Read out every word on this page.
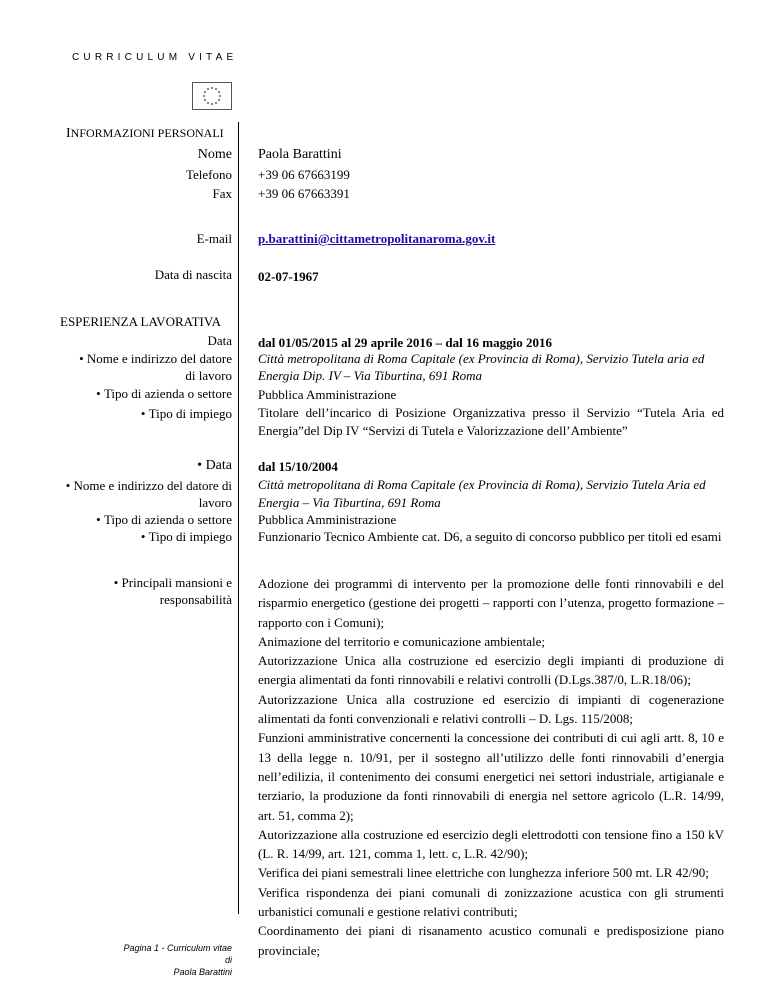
CURRICULUM VITAE
INFORMAZIONI PERSONALI
Nome Paola Barattini
Telefono +39 06 67663199
Fax +39 06 67663391
E-mail p.barattini@cittametropolitanaroma.gov.it
Data di nascita 02-07-1967
ESPERIENZA LAVORATIVA
Data
• Nome e indirizzo del datore
di lavoro
• Tipo di azienda o settore
• Tipo di impiego
dal 01/05/2015 al 29 aprile 2016 – dal 16 maggio 2016
Città metropolitana di Roma Capitale (ex Provincia di Roma), Servizio Tutela aria ed Energia Dip. IV – Via Tiburtina, 691 Roma
Pubblica Amministrazione
Titolare dell’incarico di Posizione Organizzativa presso il Servizio “Tutela Aria ed Energia”del Dip IV “Servizi di Tutela e Valorizzazione dell’Ambiente”
• Data
• Nome e indirizzo del datore di
lavoro
• Tipo di azienda o settore
• Tipo di impiego
• Principali mansioni e
responsabilità
dal 15/10/2004
Città metropolitana di Roma Capitale (ex Provincia di Roma), Servizio Tutela Aria ed Energia – Via Tiburtina, 691 Roma
Pubblica Amministrazione
Funzionario Tecnico Ambiente cat. D6, a seguito di concorso pubblico per titoli ed esami
Adozione dei programmi di intervento per la promozione delle fonti rinnovabili e del risparmio energetico (gestione dei progetti – rapporti con l’utenza, progetto formazione – rapporto con i Comuni);
Animazione del territorio e comunicazione ambientale;
Autorizzazione Unica alla costruzione ed esercizio degli impianti di produzione di energia alimentati da fonti rinnovabili e relativi controlli (D.Lgs.387/0, L.R.18/06);
Autorizzazione Unica alla costruzione ed esercizio di impianti di cogenerazione alimentati da fonti convenzionali e relativi controlli – D. Lgs. 115/2008;
Funzioni amministrative concernenti la concessione dei contributi di cui agli artt. 8, 10 e 13 della legge n. 10/91, per il sostegno all’utilizzo delle fonti rinnovabili d’energia nell’edilizia, il contenimento dei consumi energetici nei settori industriale, artigianale e terziario, la produzione da fonti rinnovabili di energia nel settore agricolo (L.R. 14/99, art. 51, comma 2);
Autorizzazione alla costruzione ed esercizio degli elettrodotti con tensione fino a 150 kV (L. R. 14/99, art. 121, comma 1, lett. c, L.R. 42/90);
Verifica dei piani semestrali linee elettriche con lunghezza inferiore 500 mt. LR 42/90;
Verifica rispondenza dei piani comunali di zonizzazione acustica con gli strumenti urbanistici comunali e gestione relativi contributi;
Coordinamento dei piani di risanamento acustico comunali e predisposizione piano provinciale;
Pagina 1 - Curriculum vitae di
Paola Barattini
